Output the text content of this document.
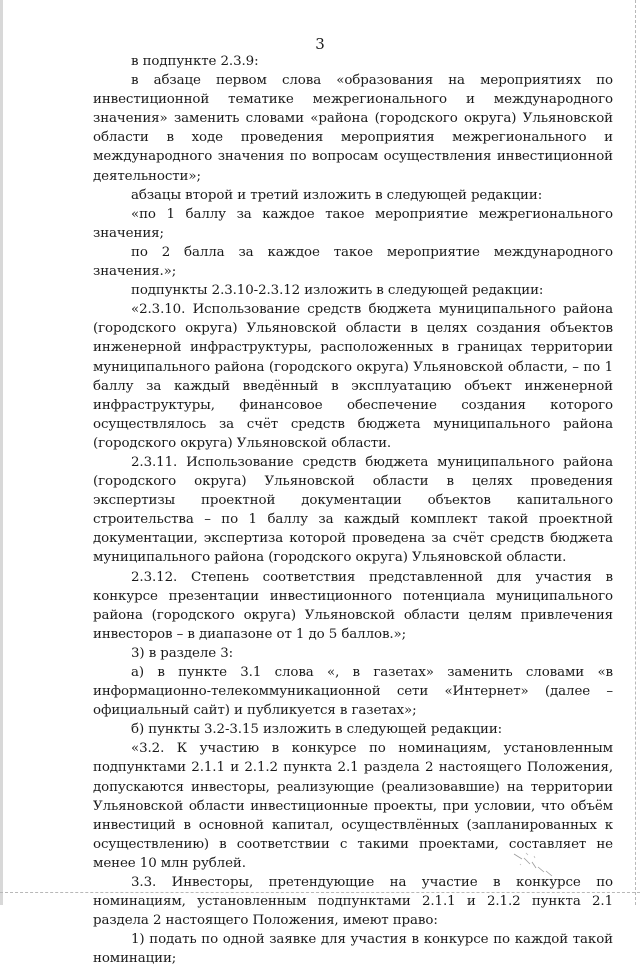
3

в подпункте 2.3.9:

в абзаце первом слова «образования на мероприятиях по инвестиционной тематике межрегионального и международного значения» заменить словами «района (городского округа) Ульяновской области в ходе проведения мероприятия межрегионального и международного значения по вопросам осуществления инвестиционной деятельности»;

абзацы второй и третий изложить в следующей редакции:

«по 1 баллу за каждое такое мероприятие межрегионального значения;

по 2 балла за каждое такое мероприятие международного значения.»;

подпункты 2.3.10-2.3.12 изложить в следующей редакции:

«2.3.10. Использование средств бюджета муниципального района (городского округа) Ульяновской области в целях создания объектов инженерной инфраструктуры, расположенных в границах территории муниципального района (городского округа) Ульяновской области, – по 1 баллу за каждый введённый в эксплуатацию объект инженерной инфраструктуры, финансовое обеспечение создания которого осуществлялось за счёт средств бюджета муниципального района (городского округа) Ульяновской области.

2.3.11. Использование средств бюджета муниципального района (городского округа) Ульяновской области в целях проведения экспертизы проектной документации объектов капитального строительства – по 1 баллу за каждый комплект такой проектной документации, экспертиза которой проведена за счёт средств бюджета муниципального района (городского округа) Ульяновской области.

2.3.12. Степень соответствия представленной для участия в конкурсе презентации инвестиционного потенциала муниципального района (городского округа) Ульяновской области целям привлечения инвесторов – в диапазоне от 1 до 5 баллов.»;

3) в разделе 3:

а) в пункте 3.1 слова «, в газетах» заменить словами «в информационно-телекоммуникационной сети «Интернет» (далее – официальный сайт) и публикуется в газетах»;

б) пункты 3.2-3.15 изложить в следующей редакции:

«3.2. К участию в конкурсе по номинациям, установленным подпунктами 2.1.1 и 2.1.2 пункта 2.1 раздела 2 настоящего Положения, допускаются инвесторы, реализующие (реализовавшие) на территории Ульяновской области инвестиционные проекты, при условии, что объём инвестиций в основной капитал, осуществлённых (запланированных к осуществлению) в соответствии с такими проектами, составляет не менее 10 млн рублей.

3.3. Инвесторы, претендующие на участие в конкурсе по номинациям, установленным подпунктами 2.1.1 и 2.1.2 пункта 2.1 раздела 2 настоящего Положения, имеют право:

1) подать по одной заявке для участия в конкурсе по каждой такой номинации;
